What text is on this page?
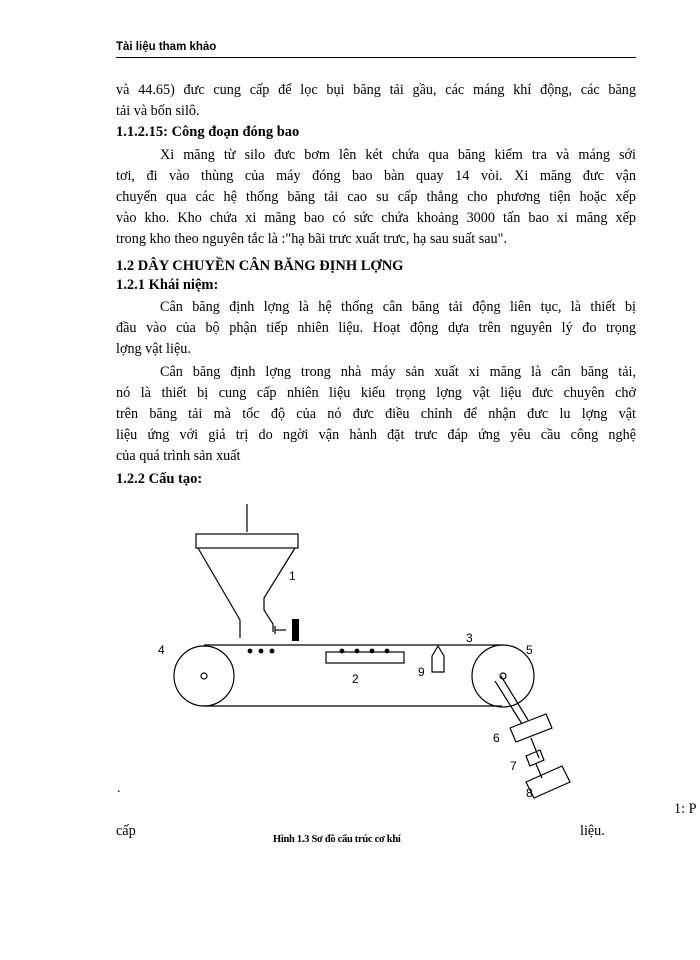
Tài liệu tham khảo
và 44.65) đưc cung cấp để lọc bụi băng tải gầu, các máng khí động, các băng
tải và bốn silô.
1.1.2.15: Công đoạn đóng bao
Xi măng từ silo đưc bơm lên két chứa qua băng kiểm tra và máng sới
tơi, đi vào thùng của máy đóng bao bàn quay 14 vòi. Xi măng đưc vận
chuyển qua các hệ thống băng tải cao su cấp thẳng cho phương tiện hoặc xếp
vào kho. Kho chứa xi măng bao có sức chứa khoảng 3000 tấn bao xi măng xếp
trong kho theo nguyên tắc là :"hạ bãi trưc xuất trưc, hạ sau suất sau".
1.2 DÂY CHUYỀN CÂN BĂNG ĐỊNH LỢNG
1.2.1 Khái niệm:
Cân băng định lợng là hệ thống cân băng tải động liên tục, là thiết bị
đầu vào của bộ phận tiếp nhiên liệu. Hoạt động dựa trên nguyên lý đo trọng
lợng vật liệu.
Cân băng định lợng trong nhà máy sản xuất xi măng là cân băng tải,
nó là thiết bị cung cấp nhiên liệu kiểu trọng lợng vật liệu đưc chuyên chở
trên băng tải mà tốc độ của nó đưc điều chỉnh để nhận đưc lu lợng vật
liệu ứng với giá trị do ngời vận hành đặt trưc đáp ứng yêu cầu công nghệ
của quá trình sản xuất
1.2.2 Cấu tạo:
1
2
3
4	5
6
7
8
9
.
1: P
cấp	liệu.
Hình 1.3 Sơ đồ cấu trúc cơ khí
